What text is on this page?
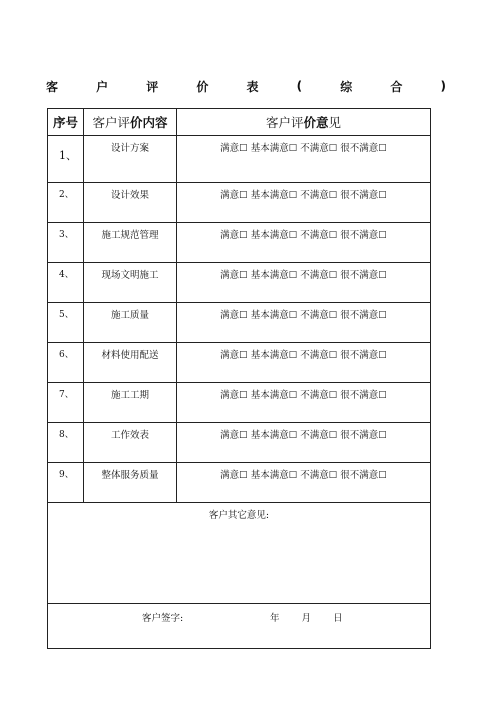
客	户	评	价	表	(	综	合	)
序号	客户评价内容	客户评价意见
1、	设计方案	满意☐ 基本满意☐ 不满意☐ 很不满意☐
2、	设计效果	满意☐ 基本满意☐ 不满意☐ 很不满意☐
3、	施工规范管理	满意☐ 基本满意☐ 不满意☐ 很不满意☐
4、	现场文明施工	满意☐ 基本满意☐ 不满意☐ 很不满意☐
5、	施工质量	满意☐ 基本满意☐ 不满意☐ 很不满意☐
6、	材料使用配送	满意☐ 基本满意☐ 不满意☐ 很不满意☐
7、	施工工期	满意☐ 基本满意☐ 不满意☐ 很不满意☐
8、	工作效表	满意☐ 基本满意☐ 不满意☐ 很不满意☐
9、	整体服务质量	满意☐ 基本满意☐ 不满意☐ 很不满意☐
客户其它意见:		

客户签字: 年 月 日		
